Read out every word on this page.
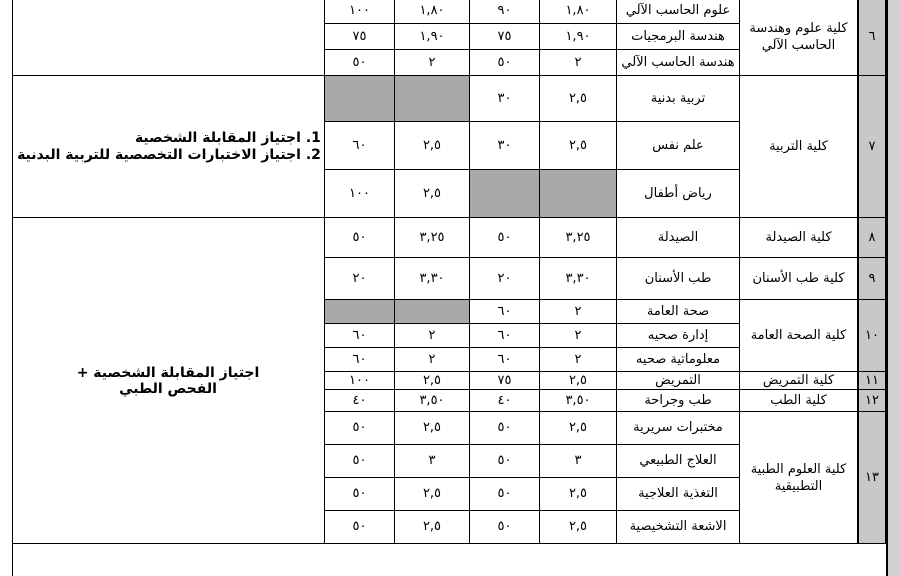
٦
كلية علوم وهندسة الحاسب الآلي
علوم الحاسب الآلي
١,٨٠
٩٠
١,٨٠
١٠٠
هندسة البرمجيات
١,٩٠
٧٥
١,٩٠
٧٥
هندسة الحاسب الآلي
٢
٥٠
٢
٥٠
٧
كلية التربية
تربية بدنية
٢,٥
٣٠
علم نفس
٢,٥
٣٠
٢,٥
٦٠
رياض أطفال
٢,٥
١٠٠
٨
كلية الصيدلة
الصيدلة
٣,٢٥
٥٠
٣,٢٥
٥٠
٩
كلية طب الأسنان
طب الأسنان
٣,٣٠
٢٠
٣,٣٠
٢٠
١٠
كلية الصحة العامة
صحة العامة
٢
٦٠
إدارة صحيه
٢
٦٠
٢
٦٠
معلوماتية صحيه
٢
٦٠
٢
٦٠
١١
كلية التمريض
التمريض
٢,٥
٧٥
٢,٥
١٠٠
١٢
كلية الطب
طب وجراحة
٣,٥٠
٤٠
٣,٥٠
٤٠
١٣
كلية العلوم الطبية التطبيقية
مختبرات سريرية
٢,٥
٥٠
٢,٥
٥٠
العلاج الطبيعي
٣
٥٠
٣
٥٠
التغذية العلاجية
٢,٥
٥٠
٢,٥
٥٠
الاشعة التشخيصية
٢,٥
٥٠
٢,٥
٥٠
1. اجتياز المقابلة الشخصية
2. اجتياز الاختبارات التخصصية للتربية البدنية
اجتياز المقابلة الشخصية + الفحص الطبي
